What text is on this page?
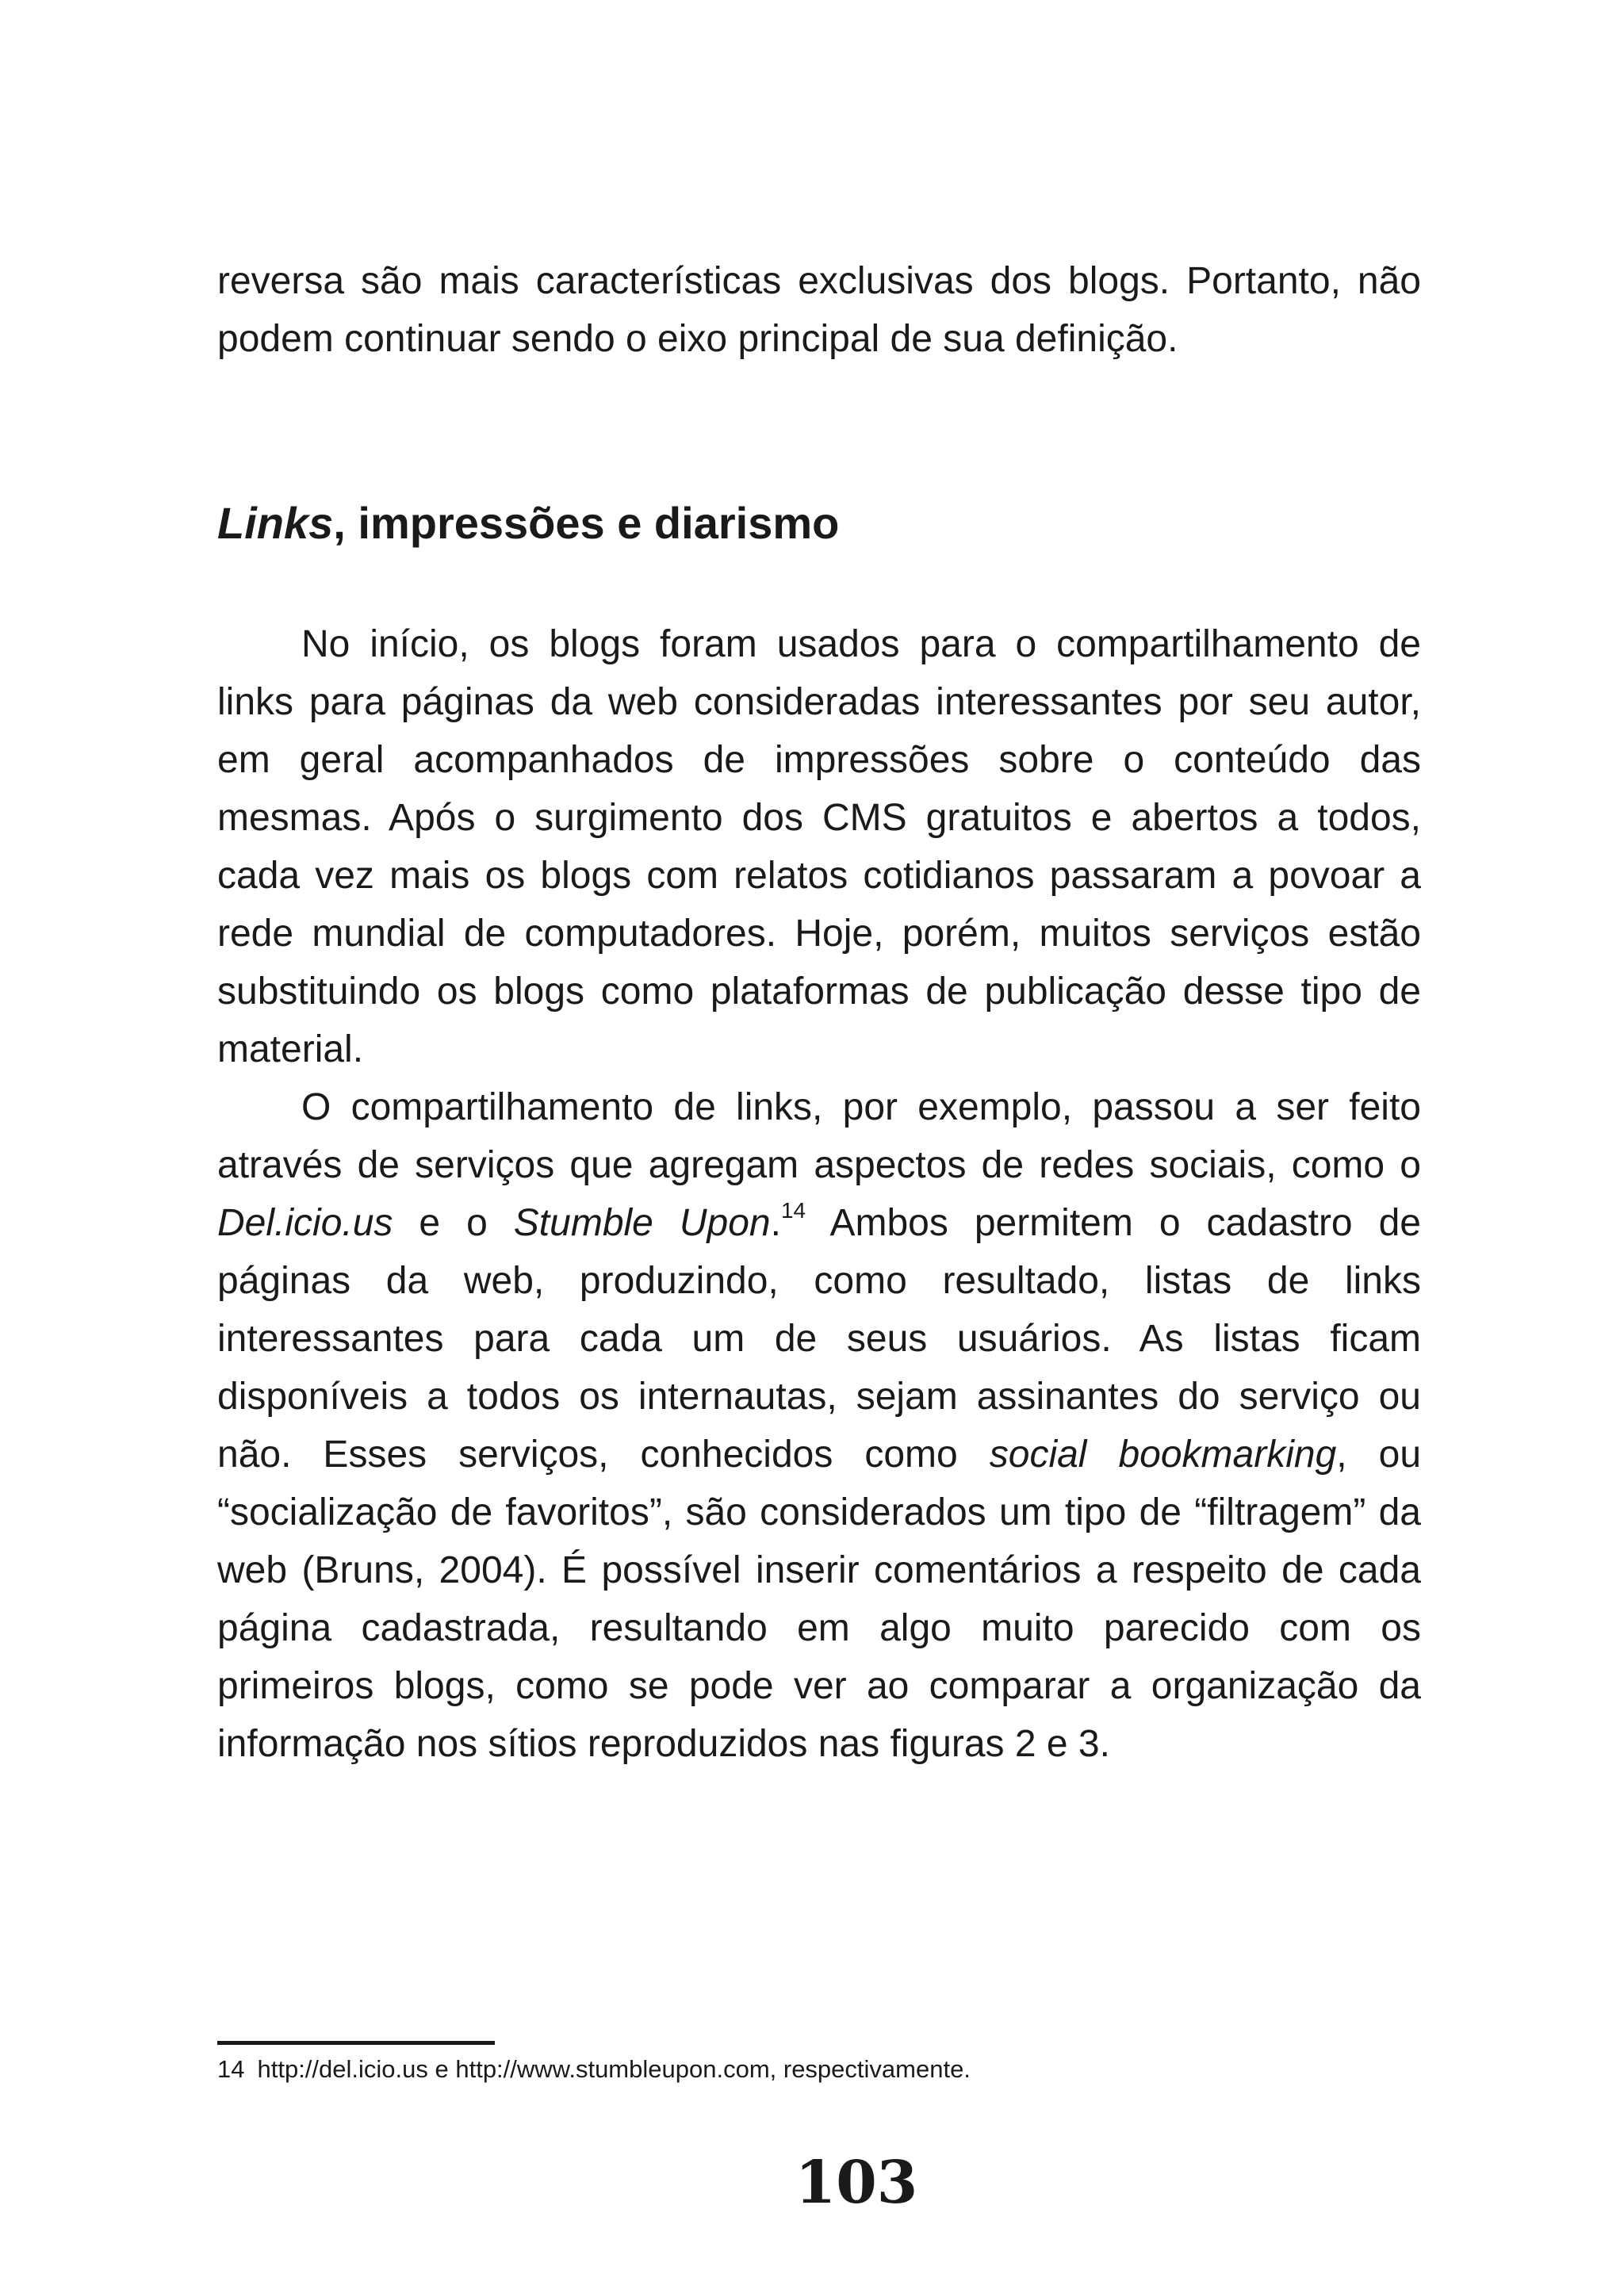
reversa são mais características exclusivas dos blogs. Portanto, não podem continuar sendo o eixo principal de sua definição.

Links, impressões e diarismo

No início, os blogs foram usados para o compartilhamento de links para páginas da web consideradas interessantes por seu autor, em geral acompanhados de impressões sobre o conteúdo das mesmas. Após o surgimento dos CMS gratuitos e abertos a todos, cada vez mais os blogs com relatos cotidianos passaram a povoar a rede mundial de computadores. Hoje, porém, muitos serviços estão substituindo os blogs como plataformas de publicação desse tipo de material.

O compartilhamento de links, por exemplo, passou a ser feito através de serviços que agregam aspectos de redes sociais, como o Del.icio.us e o Stumble Upon.$^{14}$ Ambos permitem o cadastro de páginas da web, produzindo, como resultado, listas de links interessantes para cada um de seus usuários. As listas ficam disponíveis a todos os internautas, sejam assinantes do serviço ou não. Esses serviços, conhecidos como social bookmarking, ou “socialização de favoritos”, são considerados um tipo de “filtragem” da web (Bruns, 2004). É possível inserir comentários a respeito de cada página cadastrada, resultando em algo muito parecido com os primeiros blogs, como se pode ver ao comparar a organização da informação nos sítios reproduzidos nas figuras 2 e 3.

14 http://del.icio.us e http://www.stumbleupon.com, respectivamente.

103
